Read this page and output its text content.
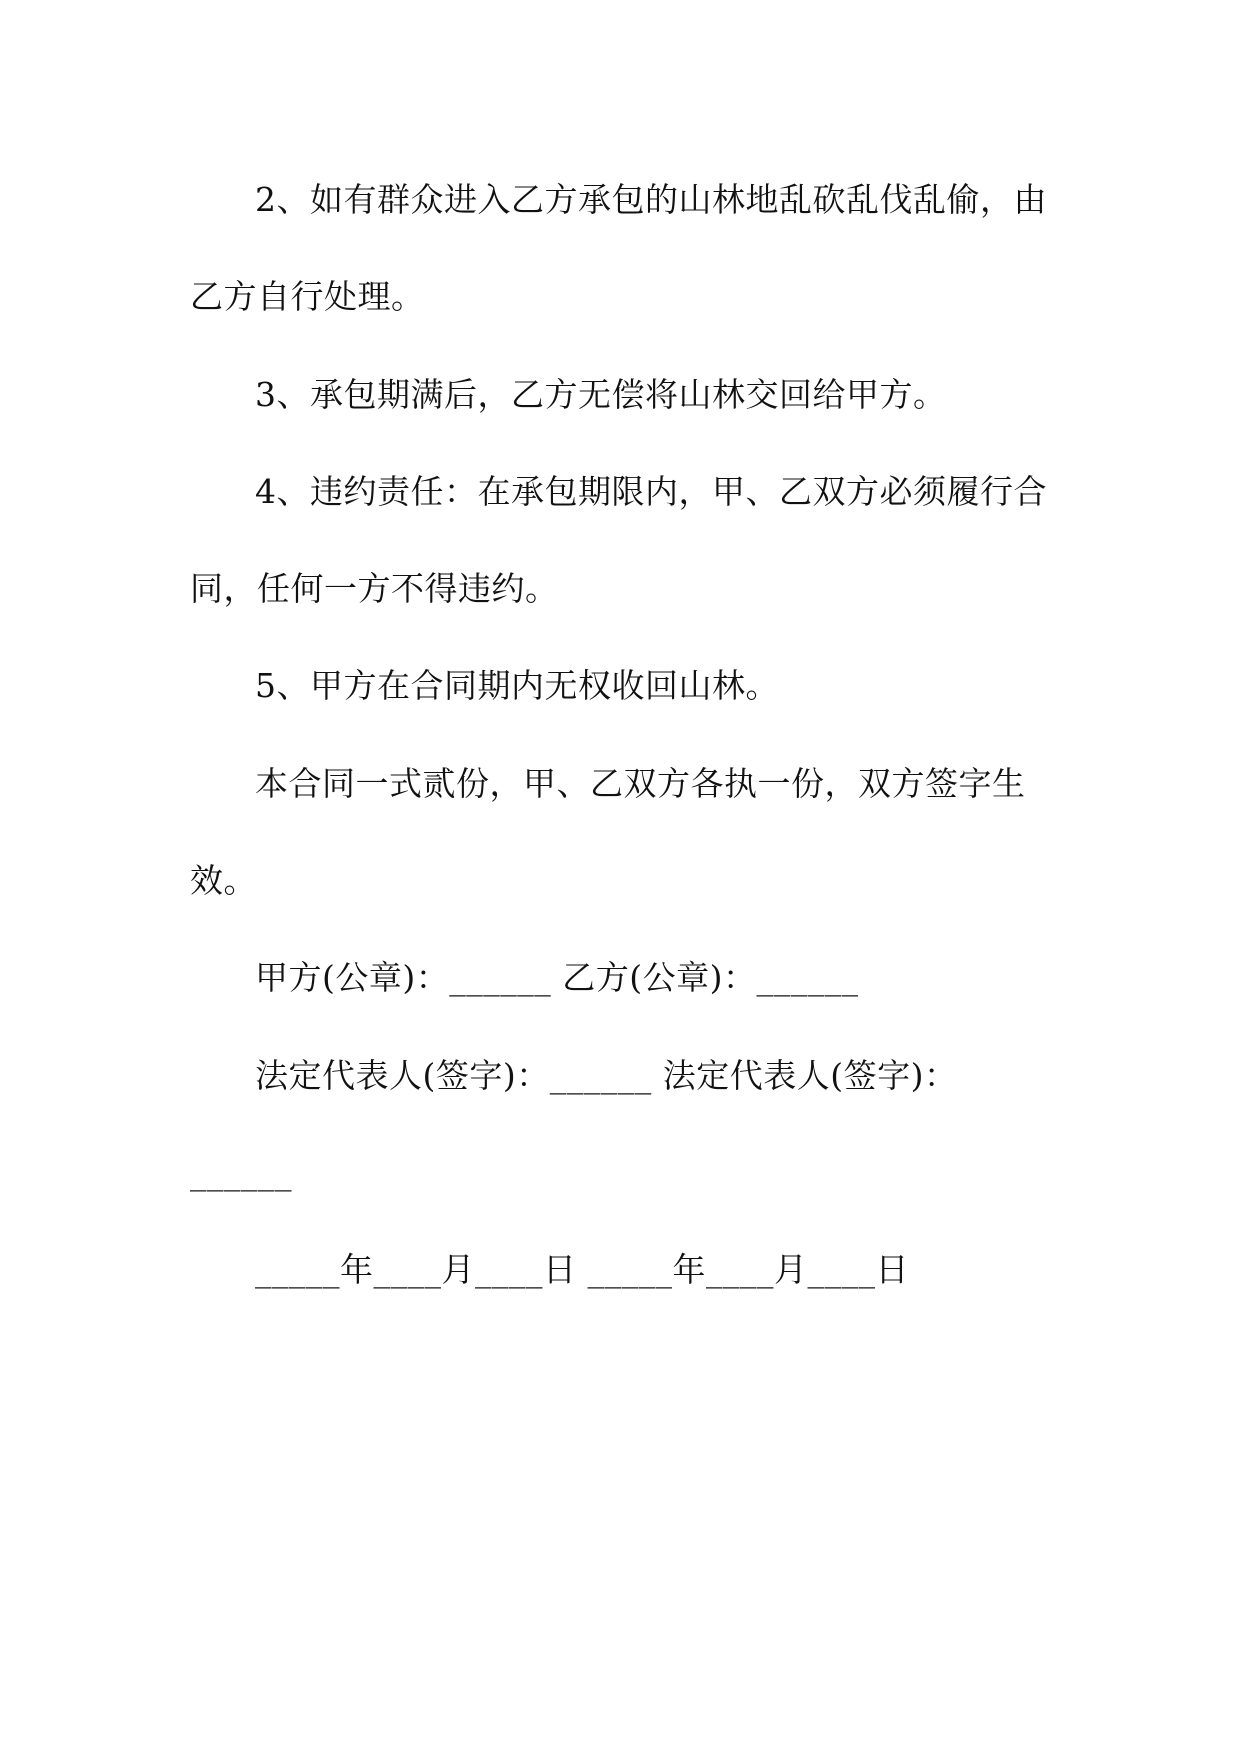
2、如有群众进入乙方承包的山林地乱砍乱伐乱偷，由
乙方自行处理。
3、承包期满后，乙方无偿将山林交回给甲方。
4、违约责任：在承包期限内，甲、乙双方必须履行合
同，任何一方不得违约。
5、甲方在合同期内无权收回山林。
本合同一式贰份，甲、乙双方各执一份，双方签字生
效。
甲方(公章)：______ 乙方(公章)：______
法定代表人(签字)：______ 法定代表人(签字)：
______
_____年____月____日 _____年____月____日
